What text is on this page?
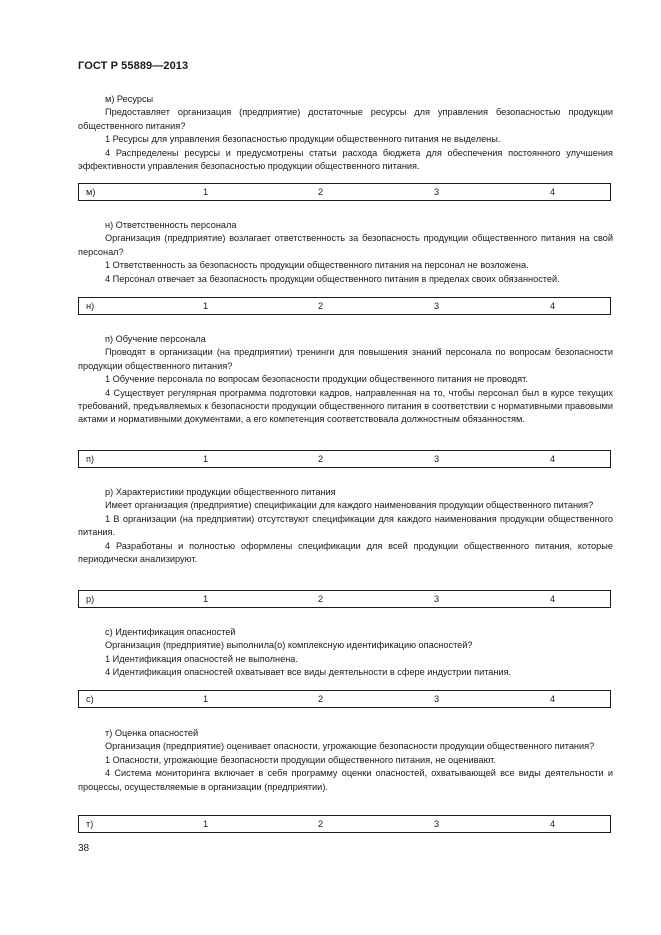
ГОСТ Р 55889—2013

м) Ресурсы

Предоставляет организация (предприятие) достаточные ресурсы для управления безопасностью продукции общественного питания?

1 Ресурсы для управления безопасностью продукции общественного питания не выделены.

4 Распределены ресурсы и предусмотрены статьи расхода бюджета для обеспечения постоянного улучшения эффективности управления безопасностью продукции общественного питания.

м)	1	2	3	4

н) Ответственность персонала

Организация (предприятие) возлагает ответственность за безопасность продукции общественного питания на свой персонал?

1 Ответственность за безопасность продукции общественного питания на персонал не возложена.

4 Персонал отвечает за безопасность продукции общественного питания в пределах своих обязанностей.

н)	1	2	3	4

п) Обучение персонала

Проводят в организации (на предприятии) тренинги для повышения знаний персонала по вопросам безопасности продукции общественного питания?

1 Обучение персонала по вопросам безопасности продукции общественного питания не проводят.

4 Существует регулярная программа подготовки кадров, направленная на то, чтобы персонал был в курсе текущих требований, предъявляемых к безопасности продукции общественного питания в соответствии с нормативными правовыми актами и нормативными документами, а его компетенция соответствовала должностным обязанностям.

п)	1	2	3	4

р) Характеристики продукции общественного питания

Имеет организация (предприятие) спецификации для каждого наименования продукции общественного питания?

1 В организации (на предприятии) отсутствуют спецификации для каждого наименования продукции общественного питания.

4 Разработаны и полностью оформлены спецификации для всей продукции общественного питания, которые периодически анализируют.

р)	1	2	3	4

с) Идентификация опасностей

Организация (предприятие) выполнила(о) комплексную идентификацию опасностей?

1 Идентификация опасностей не выполнена.

4 Идентификация опасностей охватывает все виды деятельности в сфере индустрии питания.

с)	1	2	3	4

т) Оценка опасностей

Организация (предприятие) оценивает опасности, угрожающие безопасности продукции общественного питания?

1 Опасности, угрожающие безопасности продукции общественного питания, не оценивают.

4 Система мониторинга включает в себя программу оценки опасностей, охватывающей все виды деятельности и процессы, осуществляемые в организации (предприятии).

т)	1	2	3	4
38
